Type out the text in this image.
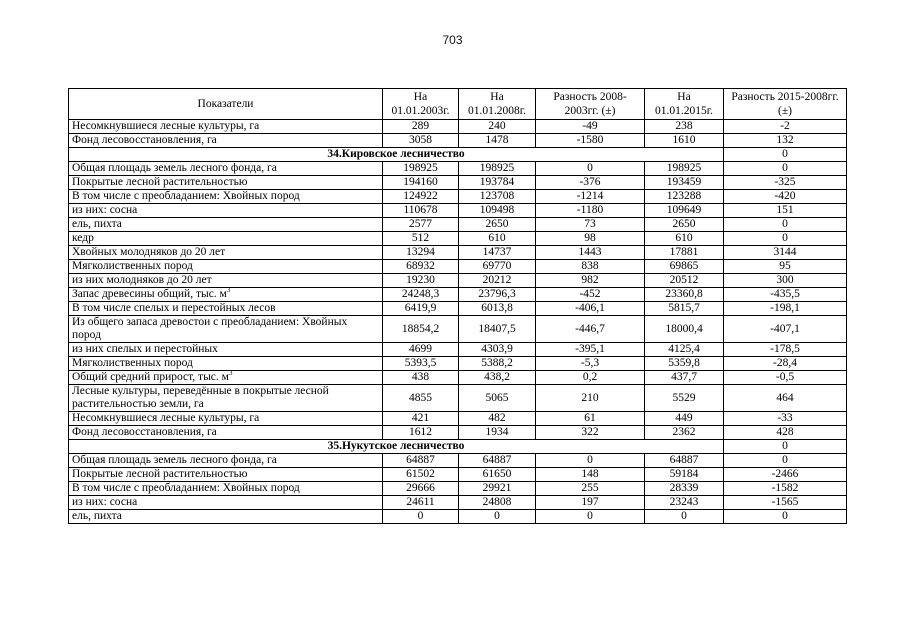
703
Показатели	На 01.01.2003г.	На 01.01.2008г.	Разность 2008-2003гг. (±)	На 01.01.2015г.	Разность 2015-2008гг. (±)
Несомкнувшиеся лесные культуры, га	289	240	-49	238	-2
Фонд лесовосстановления, га	3058	1478	-1580	1610	132
34.Кировское лесничество					0
Общая площадь земель лесного фонда, га	198925	198925	0	198925	0
Покрытые лесной растительностью	194160	193784	-376	193459	-325
В том числе с преобладанием: Хвойных пород	124922	123708	-1214	123288	-420
из них: сосна	110678	109498	-1180	109649	151
ель, пихта	2577	2650	73	2650	0
кедр	512	610	98	610	0
Хвойных молодняков до 20 лет	13294	14737	1443	17881	3144
Мягколиственных пород	68932	69770	838	69865	95
из них молодняков до 20 лет	19230	20212	982	20512	300
Запас древесины общий, тыс. $м^3$	24248,3	23796,3	-452	23360,8	-435,5
В том числе спелых и перестойных лесов	6419,9	6013,8	-406,1	5815,7	-198,1
Из общего запаса древостои с преобладанием: Хвойных пород	18854,2	18407,5	-446,7	18000,4	-407,1
из них спелых и перестойных	4699	4303,9	-395,1	4125,4	-178,5
Мягколиственных пород	5393,5	5388,2	-5,3	5359,8	-28,4
Общий средний прирост, тыс. $м^3$	438	438,2	0,2	437,7	-0,5
Лесные культуры, переведённые в покрытые лесной растительностью земли, га	4855	5065	210	5529	464
Несомкнувшиеся лесные культуры, га	421	482	61	449	-33
Фонд лесовосстановления, га	1612	1934	322	2362	428
35.Нукутское лесничество					0
Общая площадь земель лесного фонда, га	64887	64887	0	64887	0
Покрытые лесной растительностью	61502	61650	148	59184	-2466
В том числе с преобладанием: Хвойных пород	29666	29921	255	28339	-1582
из них: сосна	24611	24808	197	23243	-1565
ель, пихта	0	0	0	0	0
